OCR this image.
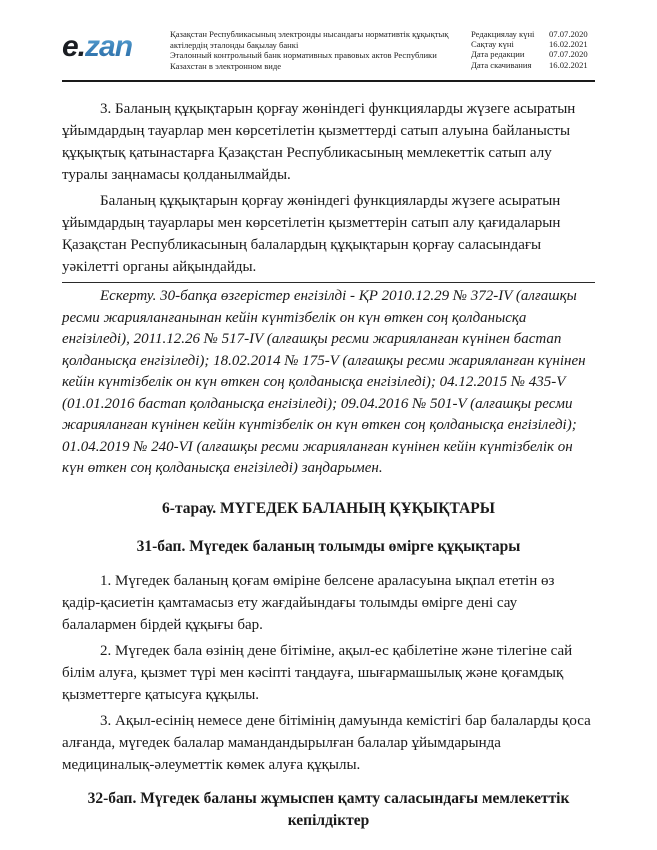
e.zan	Қазақстан Республикасының электронды нысандағы нормативтік құқықтық актілердің эталонды бақылау банкі
Эталонный контрольный банк нормативных правовых актов Республики Казахстан в электронном виде
Редакциялау күні	07.07.2020
Сақтау күні	16.02.2021
Дата редакции	07.07.2020
Дата скачивания	16.02.2021

3. Баланың құқықтарын қорғау жөніндегі функцияларды жүзеге асыратын ұйымдардың тауарлар мен көрсетілетін қызметтерді сатып алуына байланысты құқықтық қатынастарға Қазақстан Республикасының мемлекеттік сатып алу туралы заңнамасы қолданылмайды.

Баланың құқықтарын қорғау жөніндегі функцияларды жүзеге асыратын ұйымдардың тауарлары мен көрсетілетін қызметтерін сатып алу қағидаларын Қазақстан Республикасының балалардың құқықтарын қорғау саласындағы уәкілетті органы айқындайды.

Ескерту. 30-бапқа өзгерістер енгізілді - ҚР 2010.12.29 № 372-IV (алғашқы ресми жарияланғанынан кейін күнтізбелік он күн өткен соң қолданысқа енгізіледі), 2011.12.26 № 517-IV (алғашқы ресми жарияланған күнінен бастап қолданысқа енгізіледі); 18.02.2014 № 175-V (алғашқы ресми жарияланған күнінен кейін күнтізбелік он күн өткен соң қолданысқа енгізіледі); 04.12.2015 № 435-V (01.01.2016 бастап қолданысқа енгізіледі); 09.04.2016 № 501-V (алғашқы ресми жарияланған күнінен кейін күнтізбелік он күн өткен соң қолданысқа енгізіледі); 01.04.2019 № 240-VI (алғашқы ресми жарияланған күнінен кейін күнтізбелік он күн өткен соң қолданысқа енгізіледі) заңдарымен.

6-тарау. МҮГЕДЕК БАЛАНЫҢ ҚҰҚЫҚТАРЫ
31-бап. Мүгедек баланың толымды өмірге құқықтары

1. Мүгедек баланың қоғам өміріне белсене араласуына ықпал ететін өз қадір-қасиетін қамтамасыз ету жағдайындағы толымды өмірге дені сау балалармен бірдей құқығы бар.

2. Мүгедек бала өзінің дене бітіміне, ақыл-ес қабілетіне және тілегіне сай білім алуға, қызмет түрі мен кәсіпті таңдауға, шығармашылық және қоғамдық қызметтерге қатысуға құқылы.

3. Ақыл-есінің немесе дене бітімінің дамуында кемістігі бар балаларды қоса алғанда, мүгедек балалар мамандандырылған балалар ұйымдарында медициналық-әлеуметтік көмек алуға құқылы.

32-бап. Мүгедек баланы жұмыспен қамту саласындағы мемлекеттік кепілдіктер
